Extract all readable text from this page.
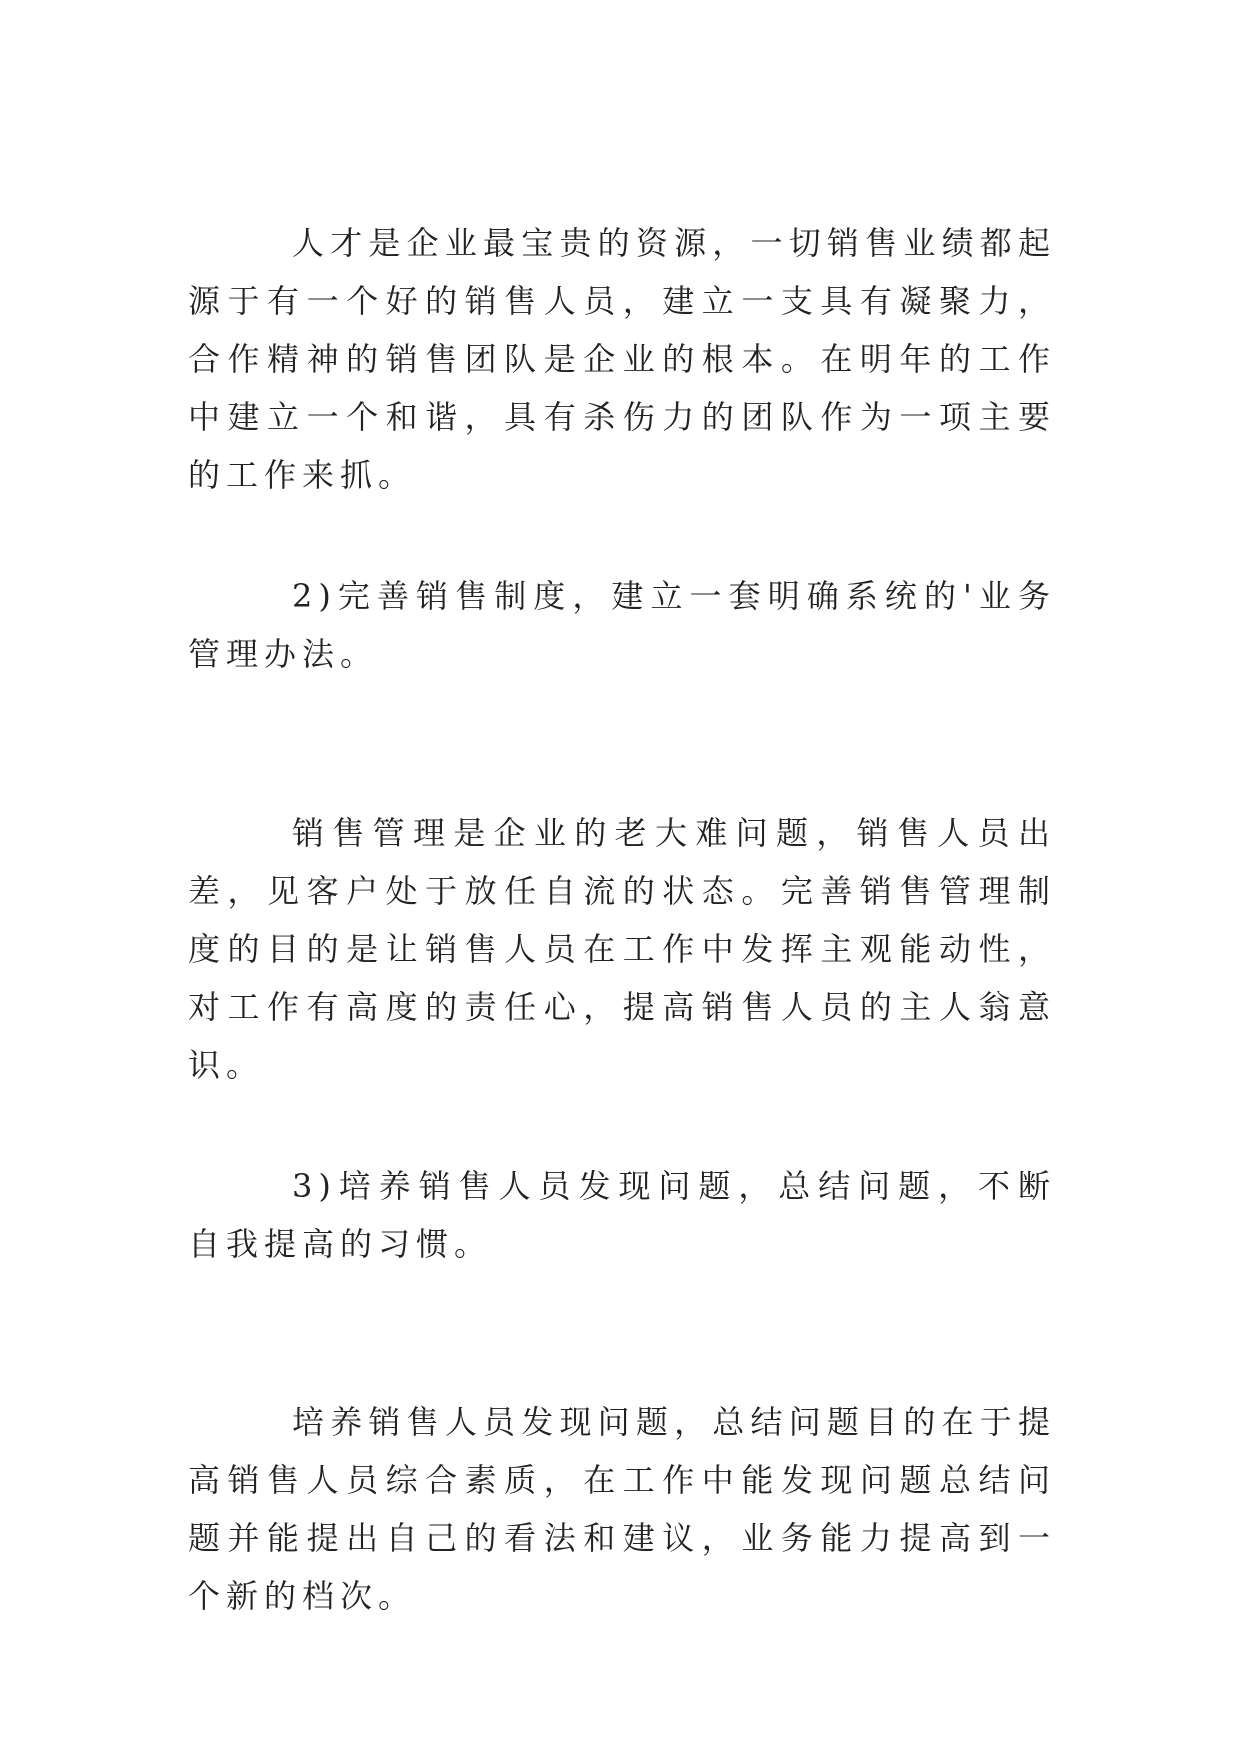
人才是企业最宝贵的资源，一切销售业绩都起源于有一个好的销售人员，建立一支具有凝聚力，合作精神的销售团队是企业的根本。在明年的工作中建立一个和谐，具有杀伤力的团队作为一项主要的工作来抓。

2)完善销售制度，建立一套明确系统的'业务管理办法。

销售管理是企业的老大难问题，销售人员出差，见客户处于放任自流的状态。完善销售管理制度的目的是让销售人员在工作中发挥主观能动性，对工作有高度的责任心，提高销售人员的主人翁意识。

3)培养销售人员发现问题，总结问题，不断自我提高的习惯。

培养销售人员发现问题，总结问题目的在于提高销售人员综合素质，在工作中能发现问题总结问题并能提出自己的看法和建议，业务能力提高到一个新的档次。
